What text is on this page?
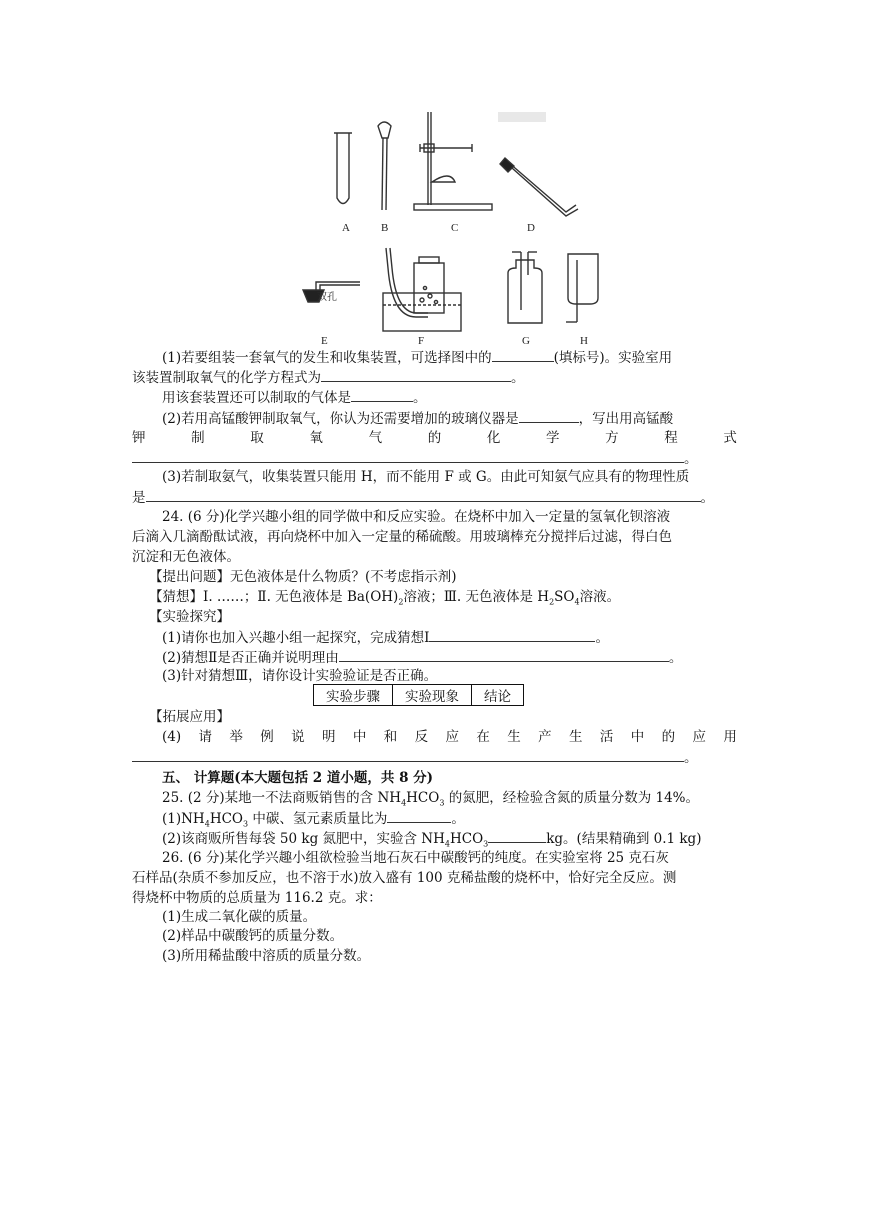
双孔
A	B	C	D
E	F	G	H
(1)若要组装一套氧气的发生和收集装置，可选择图中的	(填标号)。实验室用
该装置制取氧气的化学方程式为	。
用该套装置还可以制取的气体是	。
(2)若用高锰酸钾制取氧气，你认为还需要增加的玻璃仪器是	，写出用高锰酸
钾	制	取	氧	气	的	化	学	方	程	式
。
(3)若制取氨气，收集装置只能用 H，而不能用 F 或 G。由此可知氨气应具有的物理性质
是	。
24. (6 分)化学兴趣小组的同学做中和反应实验。在烧杯中加入一定量的氢氧化钡溶液
后滴入几滴酚酞试液，再向烧杯中加入一定量的稀硫酸。用玻璃棒充分搅拌后过滤，得白色
沉淀和无色液体。
【提出问题】无色液体是什么物质？(不考虑指示剂)
【猜想】Ⅰ. ……；Ⅱ. 无色液体是 $Ba(OH)_2$溶液；Ⅲ. 无色液体是 $H_2SO_4$溶液。
【实验探究】
(1)请你也加入兴趣小组一起探究，完成猜想Ⅰ	。
(2)猜想Ⅱ是否正确并说明理由	。
(3)针对猜想Ⅲ，请你设计实验验证是否正确。
实验步骤	实验现象	结论
【拓展应用】
(4) 请 举 例 说 明 中 和 反 应 在 生 产 生 活 中 的 应 用
。
五、 计算题(本大题包括 2 道小题，共 8 分)
25. (2 分)某地一不法商贩销售的含 $NH_4HCO_3$ 的氮肥，经检验含氮的质量分数为 14%。
$(1)NH_4HCO_3$ 中碳、氢元素质量比为	。
(2)该商贩所售每袋 50 kg 氮肥中，实验含 $NH_4HCO_3$	kg。(结果精确到 0.1 kg)
26. (6 分)某化学兴趣小组欲检验当地石灰石中碳酸钙的纯度。在实验室将 25 克石灰
石样品(杂质不参加反应，也不溶于水)放入盛有 100 克稀盐酸的烧杯中，恰好完全反应。测
得烧杯中物质的总质量为 116.2 克。求：
(1)生成二氧化碳的质量。
(2)样品中碳酸钙的质量分数。
(3)所用稀盐酸中溶质的质量分数。
